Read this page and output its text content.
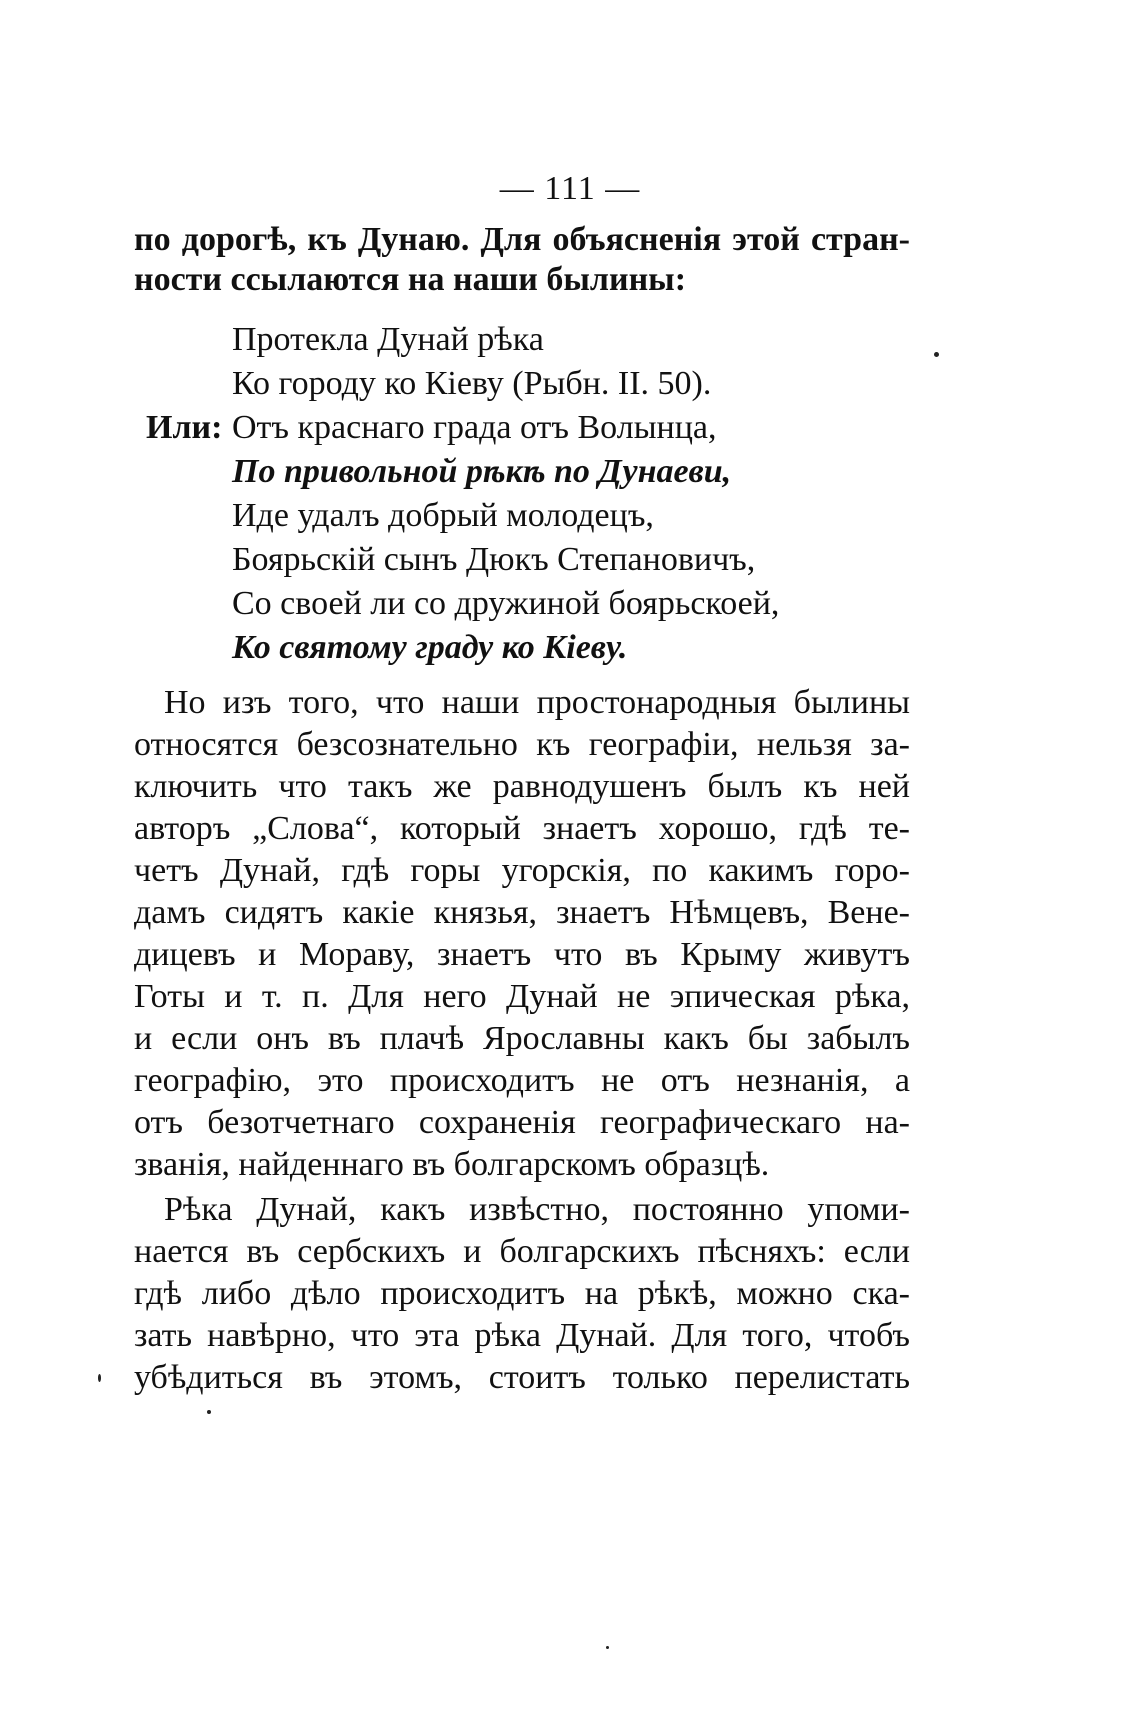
— 111 —
по дорогѣ, къ Дунаю. Для объясненія этой стран-
ности ссылаются на наши былины:
Протекла Дунай рѣка
Ко городу ко Кіеву (Рыбн. II. 50).
Или: Отъ краснаго града отъ Волынца,
По привольной рѣкѣ по Дунаеви,
Иде удалъ добрый молодецъ,
Боярьскій сынъ Дюкъ Степановичъ,
Со своей ли со дружиной боярьскоей,
Ко святому граду ко Кіеву.
Но изъ того, что наши простонародныя былины
относятся безсознательно къ географіи, нельзя за-
ключить что такъ же равнодушенъ былъ къ ней
авторъ „Слова“, который знаетъ хорошо, гдѣ те-
четъ Дунай, гдѣ горы угорскія, по какимъ горо-
дамъ сидятъ какіе князья, знаетъ Нѣмцевъ, Вене-
дицевъ и Мораву, знаетъ что въ Крыму живутъ
Готы и т. п. Для него Дунай не эпическая рѣка,
и если онъ въ плачѣ Ярославны какъ бы забылъ
географію, это происходитъ не отъ незнанія, а
отъ безотчетнаго сохраненія географическаго на-
званія, найденнаго въ болгарскомъ образцѣ.
Рѣка Дунай, какъ извѣстно, постоянно упоми-
нается въ сербскихъ и болгарскихъ пѣсняхъ: если
гдѣ либо дѣло происходитъ на рѣкѣ, можно ска-
зать навѣрно, что эта рѣка Дунай. Для того, чтобъ
убѣдиться въ этомъ, стоитъ только перелистать
